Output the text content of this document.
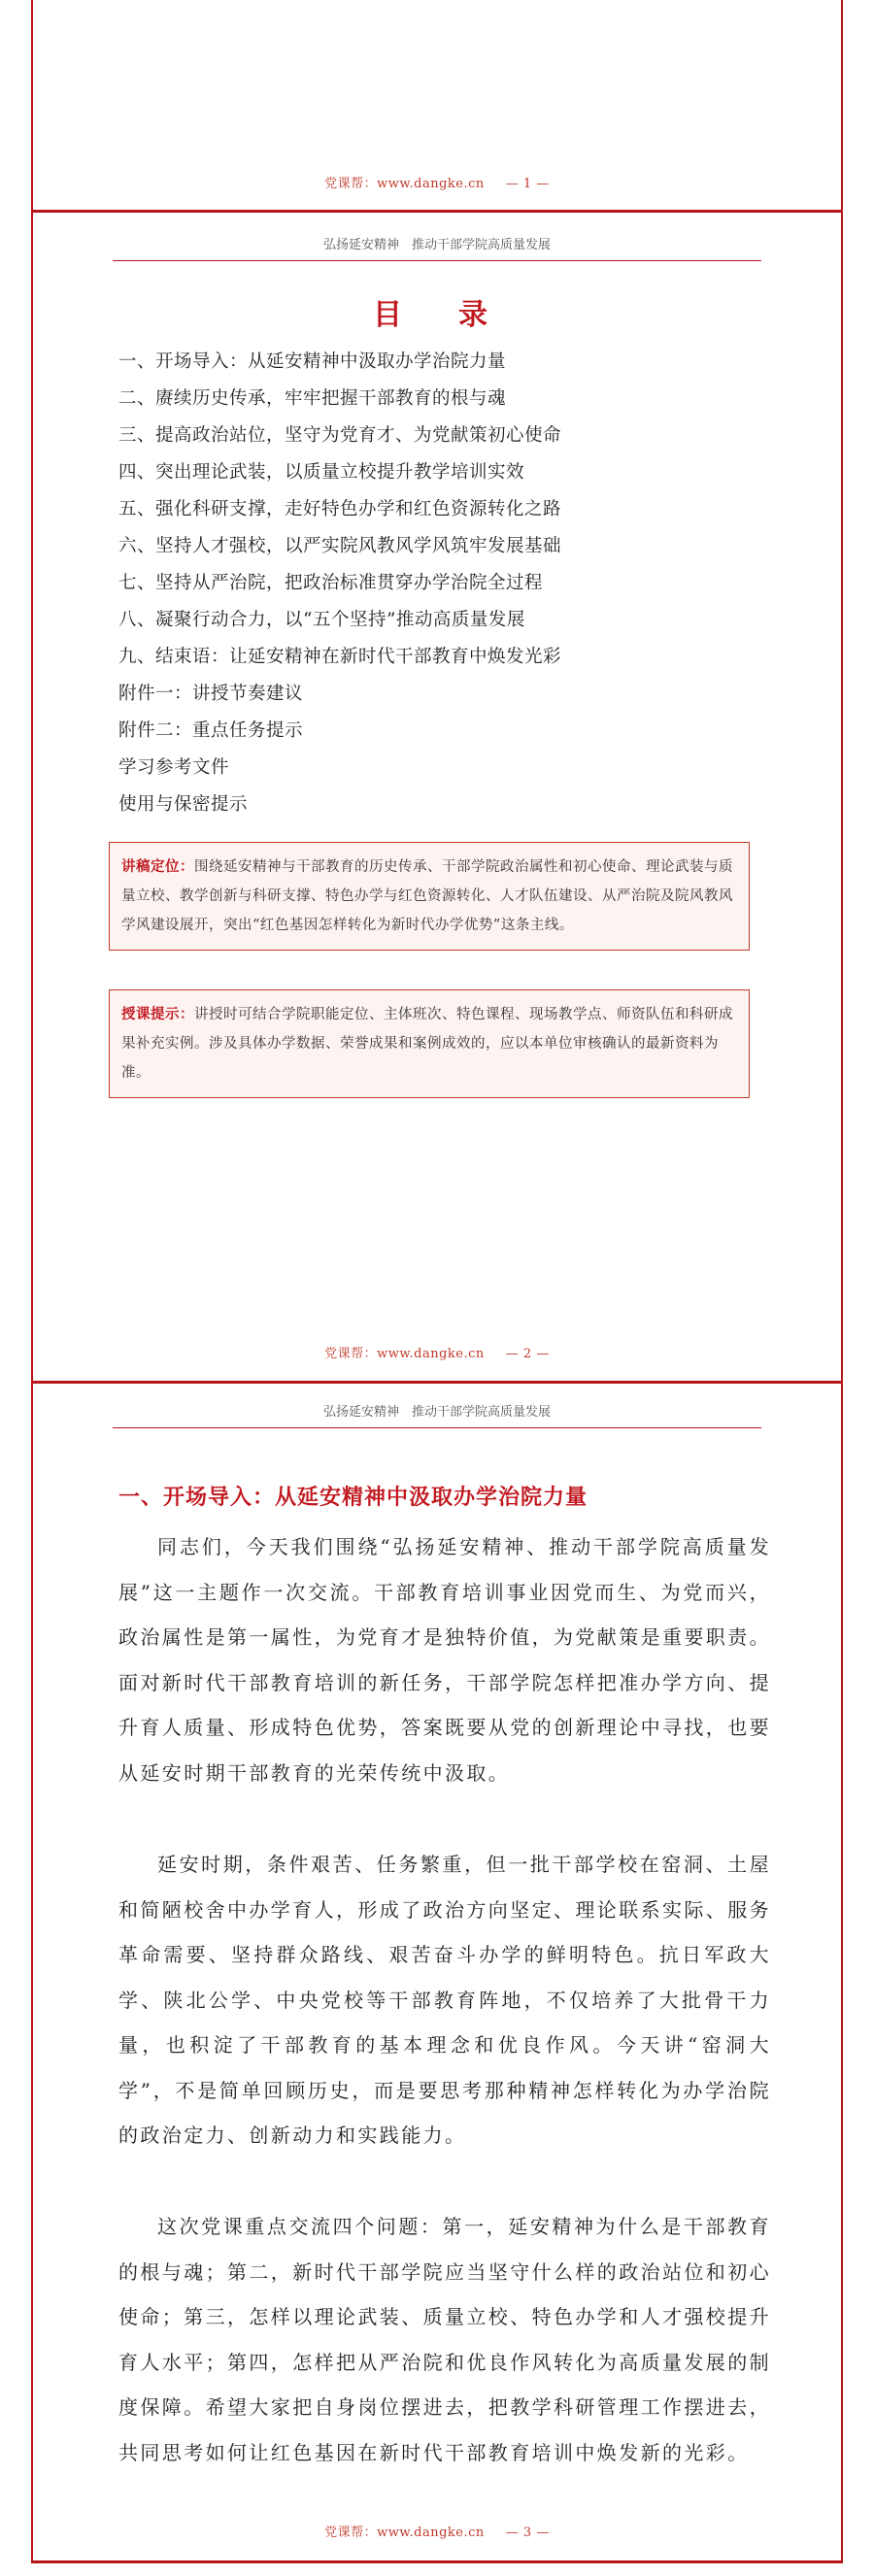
党课帮：www.dangke.cn — 1 —
弘扬延安精神　推动干部学院高质量发展
目　录
一、开场导入：从延安精神中汲取办学治院力量
二、赓续历史传承，牢牢把握干部教育的根与魂
三、提高政治站位，坚守为党育才、为党献策初心使命
四、突出理论武装，以质量立校提升教学培训实效
五、强化科研支撑，走好特色办学和红色资源转化之路
六、坚持人才强校，以严实院风教风学风筑牢发展基础
七、坚持从严治院，把政治标准贯穿办学治院全过程
八、凝聚行动合力，以“五个坚持”推动高质量发展
九、结束语：让延安精神在新时代干部教育中焕发光彩
附件一：讲授节奏建议
附件二：重点任务提示
学习参考文件
使用与保密提示
讲稿定位：围绕延安精神与干部教育的历史传承、干部学院政治属性和初心使命、理论武装与质量立校、教学创新与科研支撑、特色办学与红色资源转化、人才队伍建设、从严治院及院风教风学风建设展开，突出“红色基因怎样转化为新时代办学优势”这条主线。
授课提示：讲授时可结合学院职能定位、主体班次、特色课程、现场教学点、师资队伍和科研成果补充实例。涉及具体办学数据、荣誉成果和案例成效的，应以本单位审核确认的最新资料为准。
党课帮：www.dangke.cn — 2 —
弘扬延安精神　推动干部学院高质量发展
一、开场导入：从延安精神中汲取办学治院力量

同志们，今天我们围绕“弘扬延安精神、推动干部学院高质量发展”这一主题作一次交流。干部教育培训事业因党而生、为党而兴，政治属性是第一属性，为党育才是独特价值，为党献策是重要职责。面对新时代干部教育培训的新任务，干部学院怎样把准办学方向、提升育人质量、形成特色优势，答案既要从党的创新理论中寻找，也要从延安时期干部教育的光荣传统中汲取。

延安时期，条件艰苦、任务繁重，但一批干部学校在窑洞、土屋和简陋校舍中办学育人，形成了政治方向坚定、理论联系实际、服务革命需要、坚持群众路线、艰苦奋斗办学的鲜明特色。抗日军政大学、陕北公学、中央党校等干部教育阵地，不仅培养了大批骨干力量，也积淀了干部教育的基本理念和优良作风。今天讲“窑洞大学”，不是简单回顾历史，而是要思考那种精神怎样转化为办学治院的政治定力、创新动力和实践能力。

这次党课重点交流四个问题：第一，延安精神为什么是干部教育的根与魂；第二，新时代干部学院应当坚守什么样的政治站位和初心使命；第三，怎样以理论武装、质量立校、特色办学和人才强校提升育人水平；第四，怎样把从严治院和优良作风转化为高质量发展的制度保障。希望大家把自身岗位摆进去，把教学科研管理工作摆进去，共同思考如何让红色基因在新时代干部教育培训中焕发新的光彩。

党课帮：www.dangke.cn — 3 —
